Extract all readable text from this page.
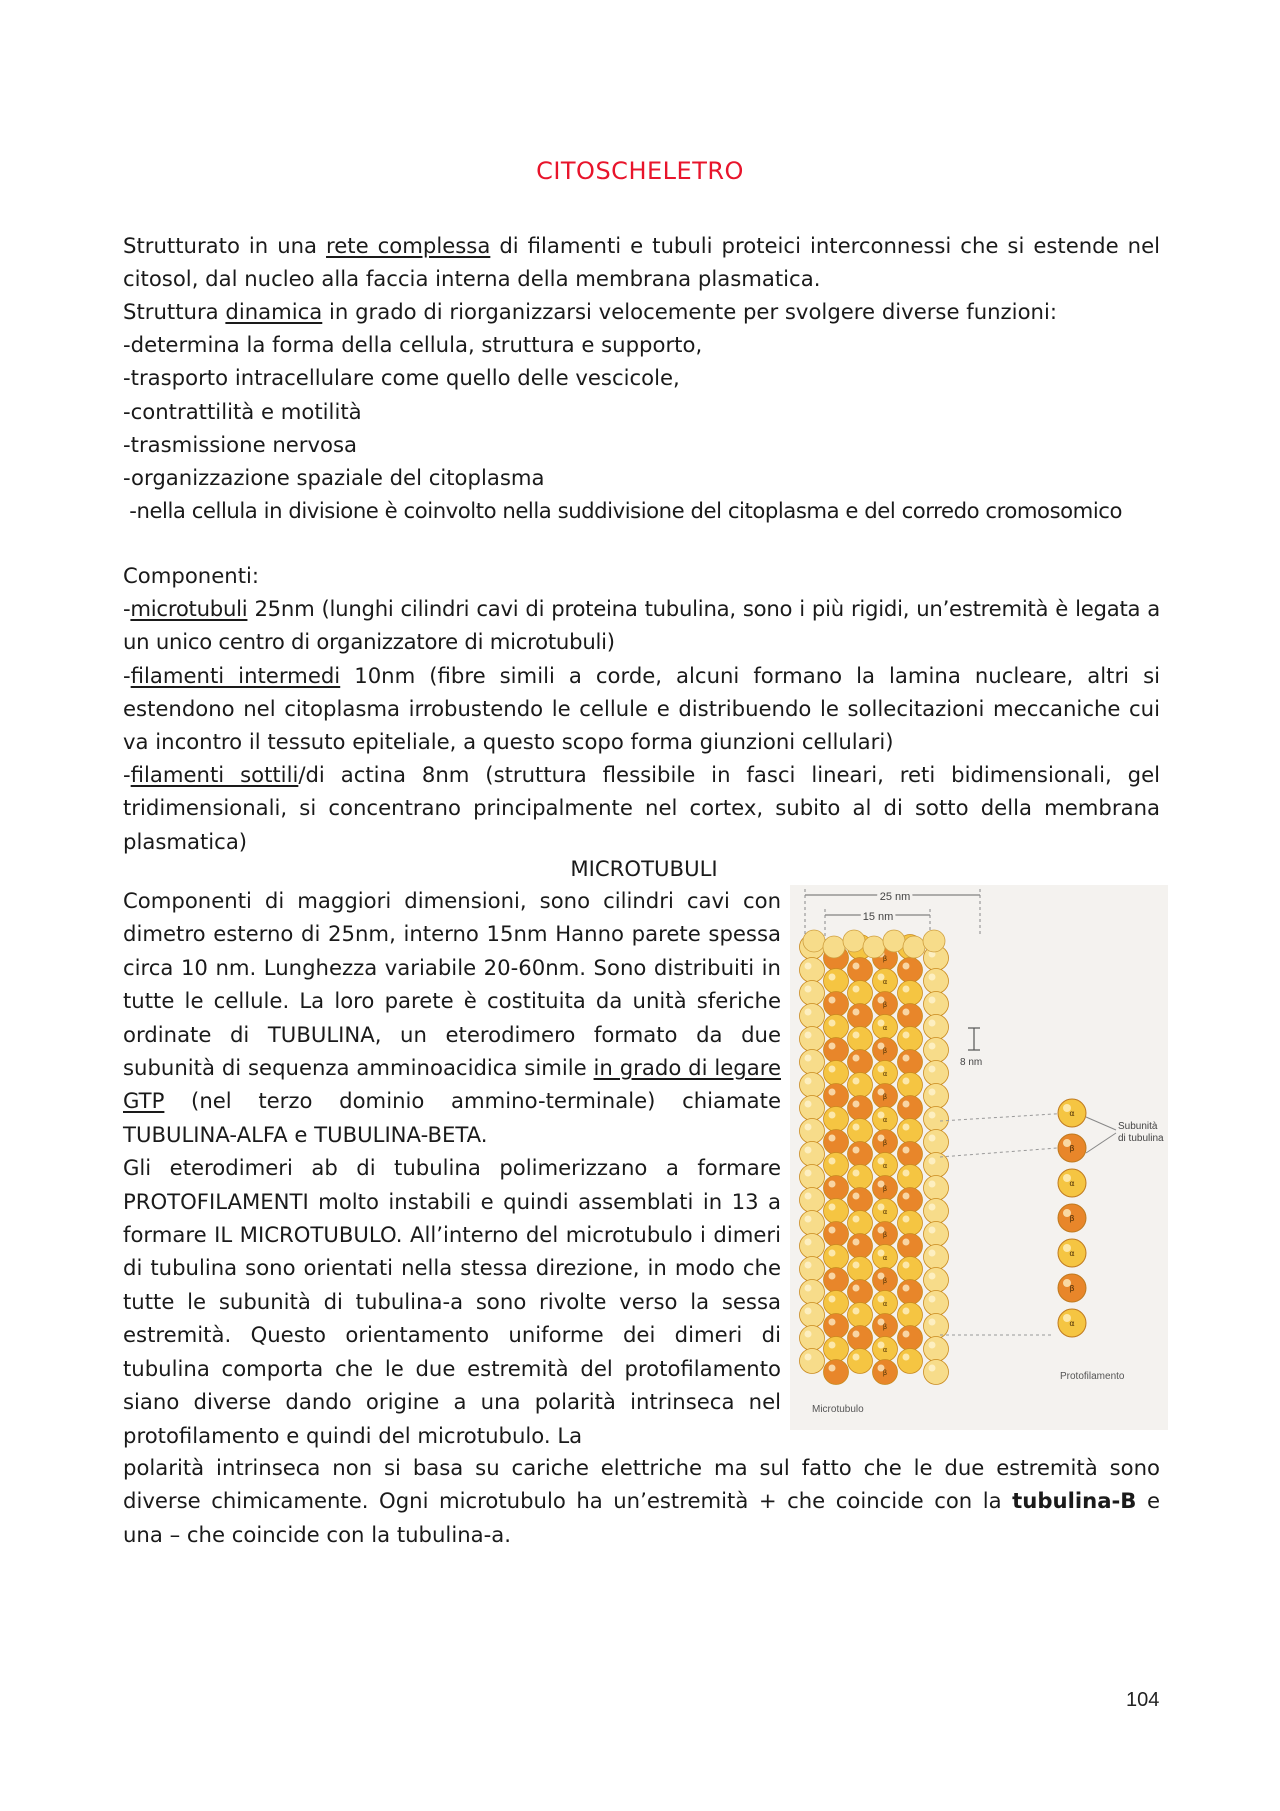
CITOSCHELETRO

Strutturato in una rete complessa di filamenti e tubuli proteici interconnessi che si estende nel citosol, dal nucleo alla faccia interna della membrana plasmatica.

Struttura dinamica in grado di riorganizzarsi velocemente per svolgere diverse funzioni:
-determina la forma della cellula, struttura e supporto,
-trasporto intracellulare come quello delle vescicole,
-contrattilità e motilità
-trasmissione nervosa
-organizzazione spaziale del citoplasma
-nella cellula in divisione è coinvolto nella suddivisione del citoplasma e del corredo cromosomico
Componenti:
-microtubuli 25nm (lunghi cilindri cavi di proteina tubulina, sono i più rigidi, un’estremità è legata a un unico centro di organizzatore di microtubuli)
-filamenti intermedi 10nm (fibre simili a corde, alcuni formano la lamina nucleare, altri si estendono nel citoplasma irrobustendo le cellule e distribuendo le sollecitazioni meccaniche cui va incontro il tessuto epiteliale, a questo scopo forma giunzioni cellulari)
-filamenti sottili/di actina 8nm (struttura flessibile in fasci lineari, reti bidimensionali, gel tridimensionali, si concentrano principalmente nel cortex, subito al di sotto della membrana plasmatica)
MICROTUBULI
Componenti di maggiori dimensioni, sono cilindri cavi con dimetro esterno di 25nm, interno 15nm Hanno parete spessa circa 10 nm. Lunghezza variabile 20-60nm. Sono distribuiti in tutte le cellule. La loro parete è costituita da unità sferiche ordinate di TUBULINA, un eterodimero formato da due subunità di sequenza amminoacidica simile in grado di legare GTP (nel terzo dominio ammino-terminale) chiamate TUBULINA-ALFA e TUBULINA-BETA.
Gli eterodimeri ab di tubulina polimerizzano a formare PROTOFILAMENTI molto instabili e quindi assemblati in 13 a formare IL MICROTUBULO. All’interno del microtubulo i dimeri di tubulina sono orientati nella stessa direzione, in modo che tutte le subunità di tubulina-a sono rivolte verso la sessa estremità. Questo orientamento uniforme dei dimeri di tubulina comporta che le due estremità del protofilamento siano diverse dando origine a una polarità intrinseca nel protofilamento e quindi del microtubulo. La
polarità intrinseca non si basa su cariche elettriche ma sul fatto che le due estremità sono diverse chimicamente. Ogni microtubulo ha un’estremità + che coincide con la tubulina-B e una – che coincide con la tubulina-a.
25 nm
15 nm
8 nm
β
α
β
α
β
α
β
α
β
α
β
α
β
α
β
α
β
α
β
α
β
α
β
α
β
α
Subunità
di tubulina
Protofilamento
Microtubulo
104
